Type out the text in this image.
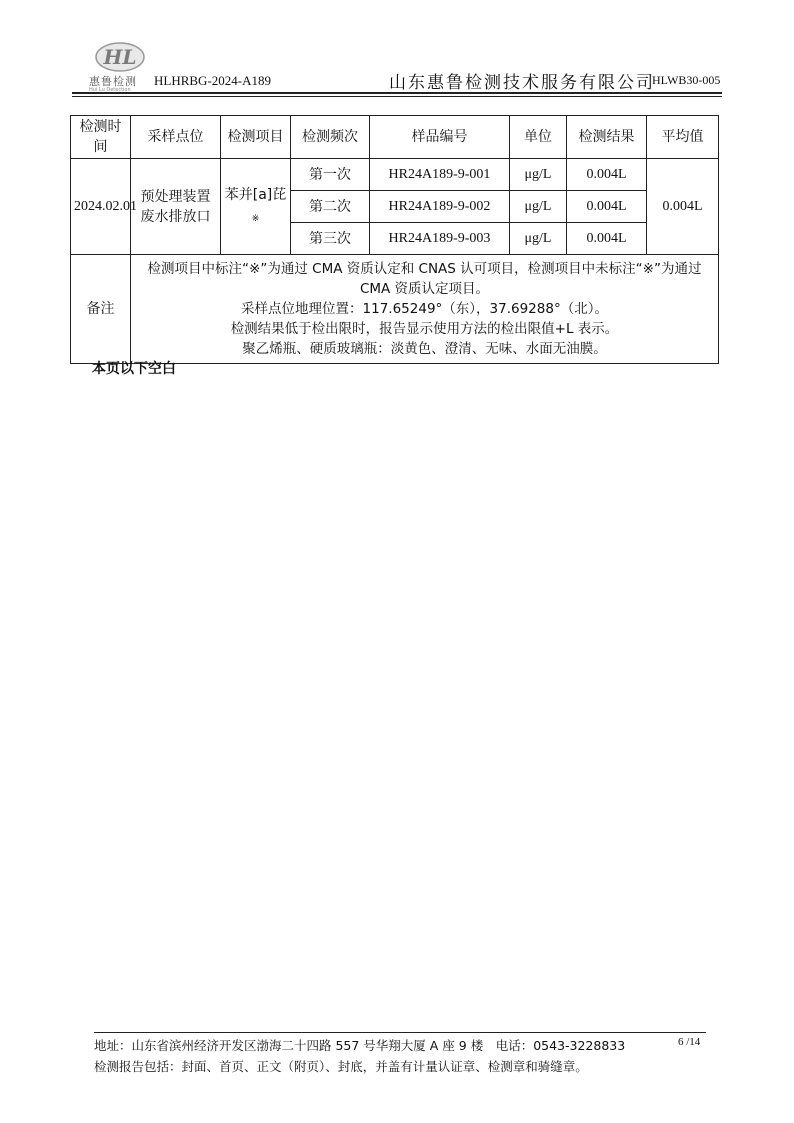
HL
惠鲁检测
Hui Lu Detection
HLHRBG-2024-A189	山东惠鲁检测技术服务有限公司
HLWB30-005
检测时间	采样点位	检测项目	检测频次	样品编号	单位	检测结果	平均值
2024.02.01	预处理装置废水排放口	苯并[a]芘$_※$	第一次	HR24A189-9-001	μg/L	0.004L	0.004L
			第二次	HR24A189-9-002	μg/L	0.004L	
			第三次	HR24A189-9-003	μg/L	0.004L	
备注	检测项目中标注“※”为通过 CMA 资质认定和 CNAS 认可项目，检测项目中未标注“※”为通过 CMA 资质认定项目。
采样点位地理位置：117.65249°（东），37.69288°（北）。
检测结果低于检出限时，报告显示使用方法的检出限值+L 表示。
聚乙烯瓶、硬质玻璃瓶：淡黄色、澄清、无味、水面无油膜。						
本页以下空白
地址：山东省滨州经济开发区渤海二十四路 557 号华翔大厦 A 座 9 楼　电话：0543-3228833	6 /14
检测报告包括：封面、首页、正文（附页）、封底，并盖有计量认证章、检测章和骑缝章。
